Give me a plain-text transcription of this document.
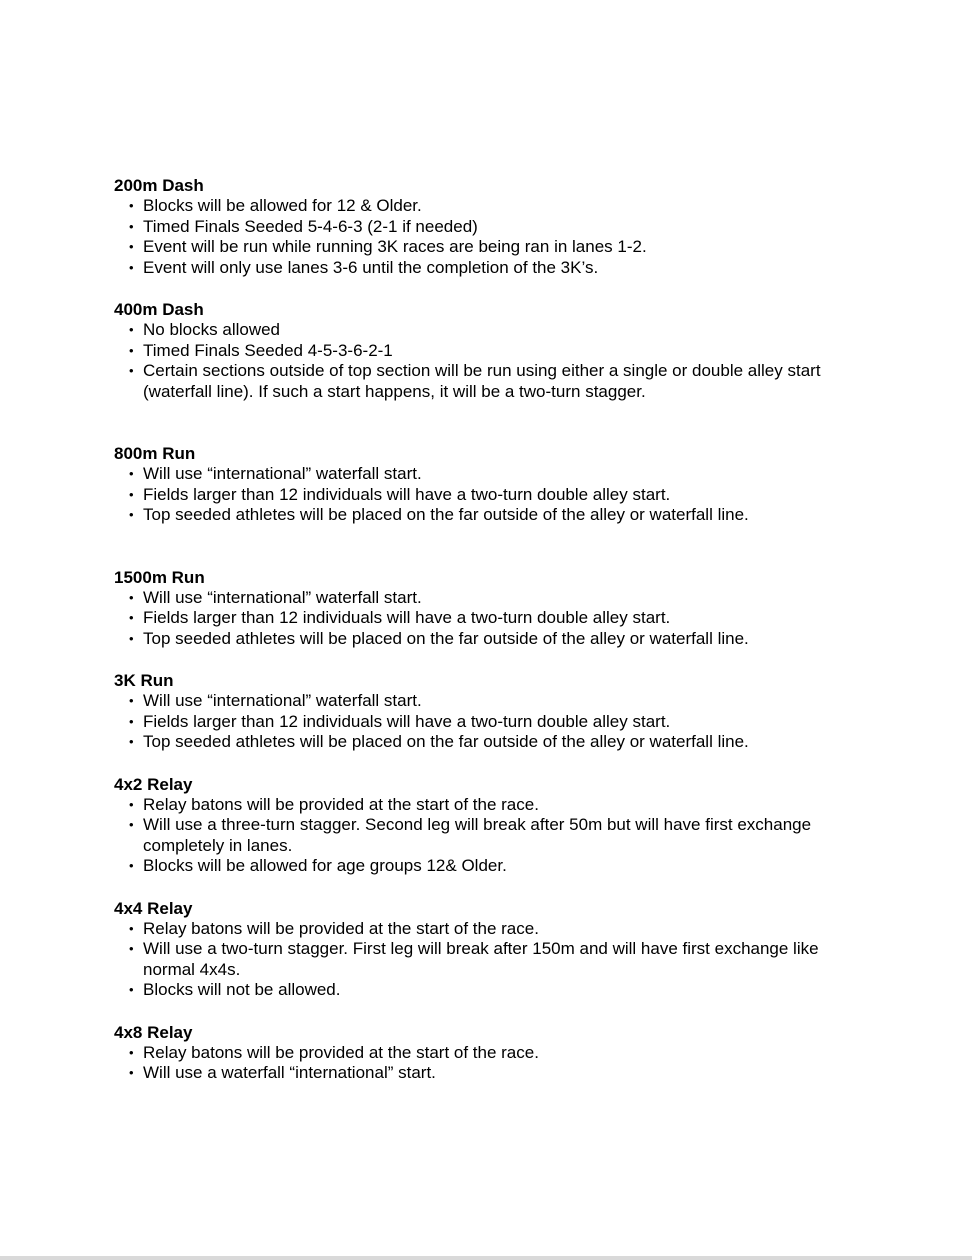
200m Dash
• Blocks will be allowed for 12 & Older.
• Timed Finals Seeded 5-4-6-3 (2-1 if needed)
• Event will be run while running 3K races are being ran in lanes 1-2.
• Event will only use lanes 3-6 until the completion of the 3K’s.
400m Dash
• No blocks allowed
• Timed Finals Seeded 4-5-3-6-2-1
• Certain sections outside of top section will be run using either a single or double alley start (waterfall line). If such a start happens, it will be a two-turn stagger.
800m Run
• Will use “international” waterfall start.
• Fields larger than 12 individuals will have a two-turn double alley start.
• Top seeded athletes will be placed on the far outside of the alley or waterfall line.
1500m Run
• Will use “international” waterfall start.
• Fields larger than 12 individuals will have a two-turn double alley start.
• Top seeded athletes will be placed on the far outside of the alley or waterfall line.
3K Run
• Will use “international” waterfall start.
• Fields larger than 12 individuals will have a two-turn double alley start.
• Top seeded athletes will be placed on the far outside of the alley or waterfall line.
4x2 Relay
• Relay batons will be provided at the start of the race.
• Will use a three-turn stagger. Second leg will break after 50m but will have first exchange completely in lanes.
• Blocks will be allowed for age groups 12& Older.
4x4 Relay
• Relay batons will be provided at the start of the race.
• Will use a two-turn stagger. First leg will break after 150m and will have first exchange like normal 4x4s.
• Blocks will not be allowed.
4x8 Relay
• Relay batons will be provided at the start of the race.
• Will use a waterfall “international” start.
